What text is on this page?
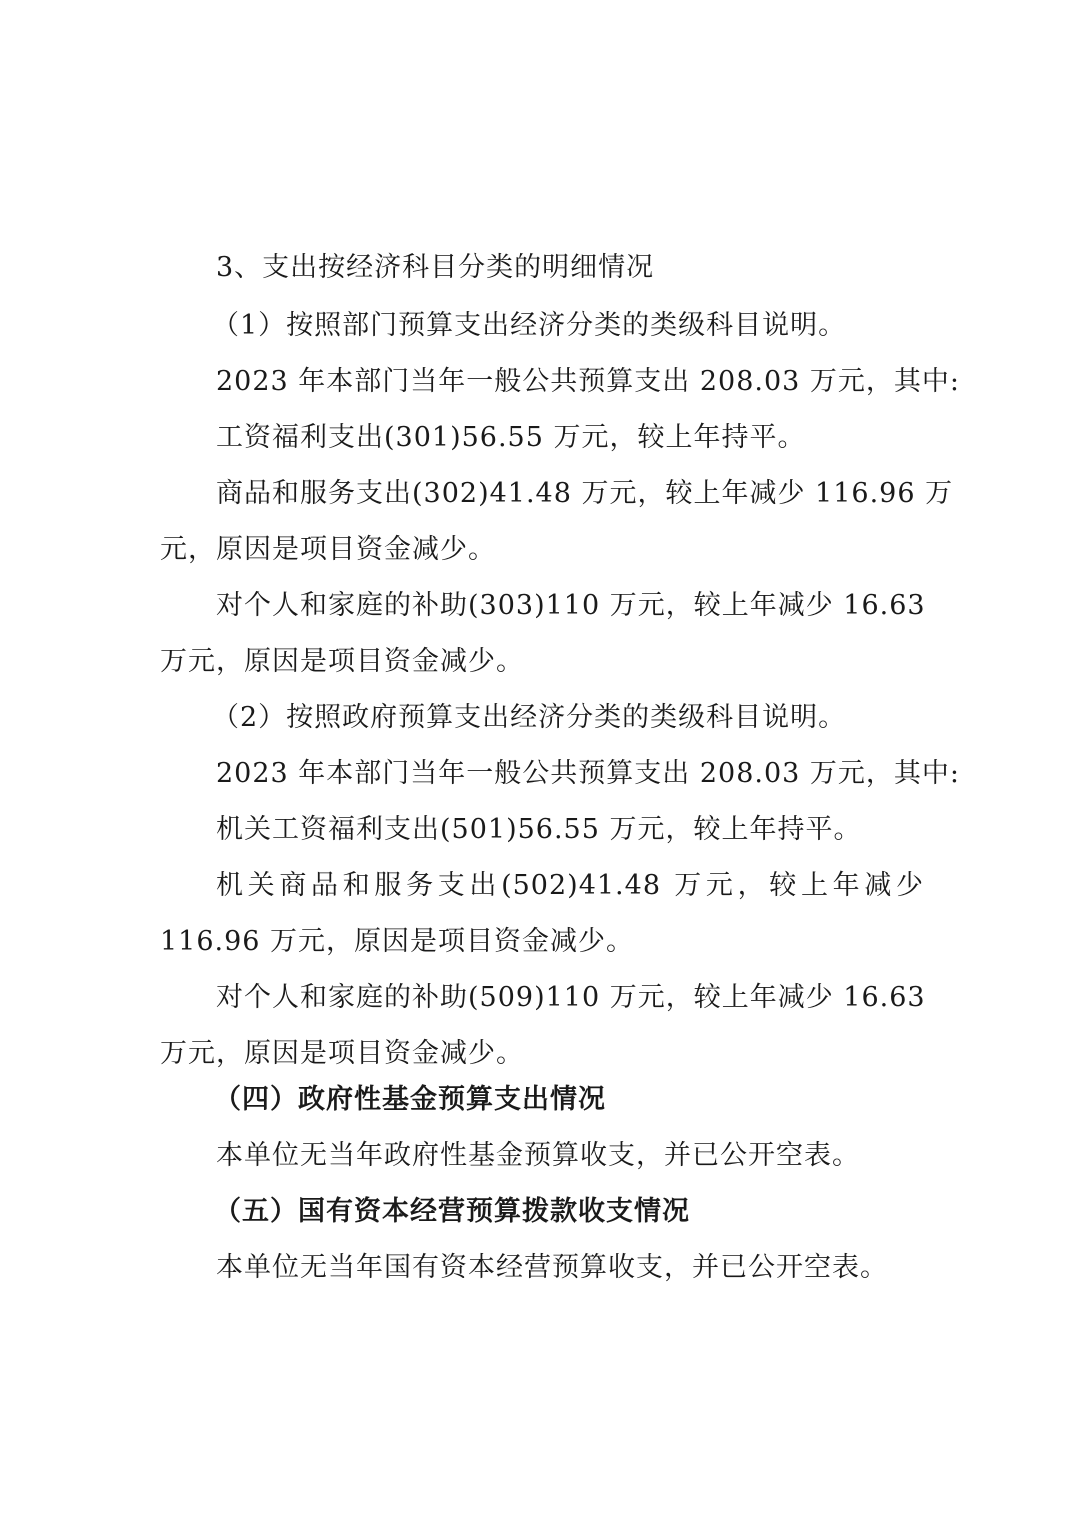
3、支出按经济科目分类的明细情况
（1）按照部门预算支出经济分类的类级科目说明。
2023 年本部门当年一般公共预算支出 208.03 万元，其中:
工资福利支出(301)56.55 万元，较上年持平。
商品和服务支出(302)41.48 万元，较上年减少 116.96 万
元，原因是项目资金减少。
对个人和家庭的补助(303)110 万元，较上年减少 16.63
万元，原因是项目资金减少。
（2）按照政府预算支出经济分类的类级科目说明。
2023 年本部门当年一般公共预算支出 208.03 万元，其中:
机关工资福利支出(501)56.55 万元，较上年持平。
机关商品和服务支出(502)41.48 万元，较上年减少
116.96 万元，原因是项目资金减少。
对个人和家庭的补助(509)110 万元，较上年减少 16.63
万元，原因是项目资金减少。
（四）政府性基金预算支出情况
本单位无当年政府性基金预算收支，并已公开空表。
（五）国有资本经营预算拨款收支情况
本单位无当年国有资本经营预算收支，并已公开空表。
